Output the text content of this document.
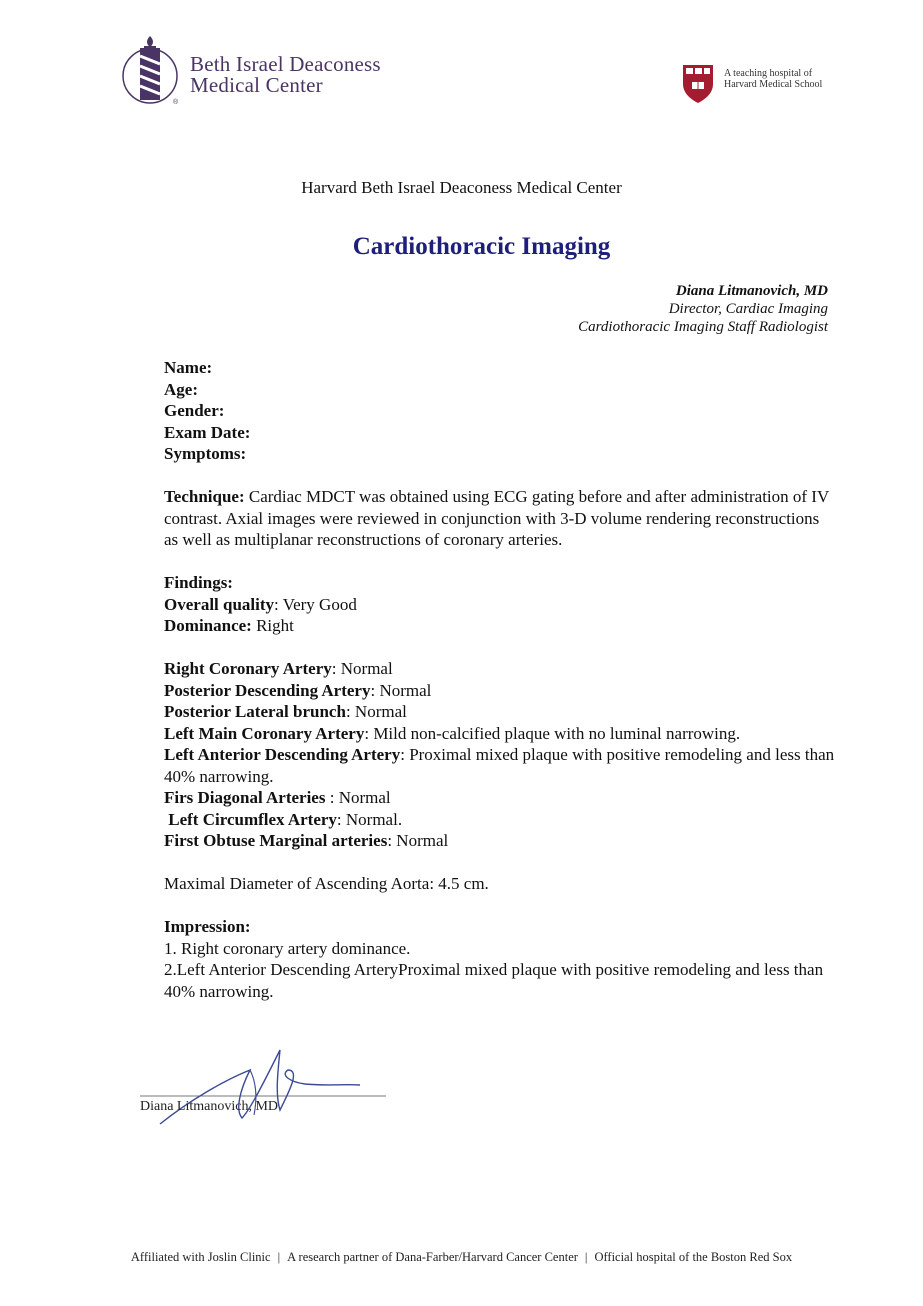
®
Beth Israel Deaconess
Medical Center	A teaching hospital of
Harvard Medical School
Harvard Beth Israel Deaconess Medical Center
Cardiothoracic Imaging
Diana Litmanovich, MD
Director, Cardiac Imaging
Cardiothoracic Imaging Staff Radiologist
Name:
Age:
Gender:
Exam Date:
Symptoms:
Technique: Cardiac MDCT was obtained using ECG gating before and after administration of IV contrast. Axial images were reviewed in conjunction with 3-D volume rendering reconstructions as well as multiplanar reconstructions of coronary arteries.
Findings:
Overall quality: Very Good
Dominance: Right
Right Coronary Artery: Normal
Posterior Descending Artery: Normal
Posterior Lateral brunch: Normal
Left Main Coronary Artery: Mild non-calcified plaque with no luminal narrowing.
Left Anterior Descending Artery: Proximal mixed plaque with positive remodeling and less than 40% narrowing.
Firs Diagonal Arteries : Normal
Left Circumflex Artery: Normal.
First Obtuse Marginal arteries: Normal
Maximal Diameter of Ascending Aorta: 4.5 cm.
Impression:
1. Right coronary artery dominance.
2.Left Anterior Descending ArteryProximal mixed plaque with positive remodeling and less than 40% narrowing.
Diana Litmanovich, MD
Affiliated with Joslin Clinic | A research partner of Dana-Farber/Harvard Cancer Center | Official hospital of the Boston Red Sox
